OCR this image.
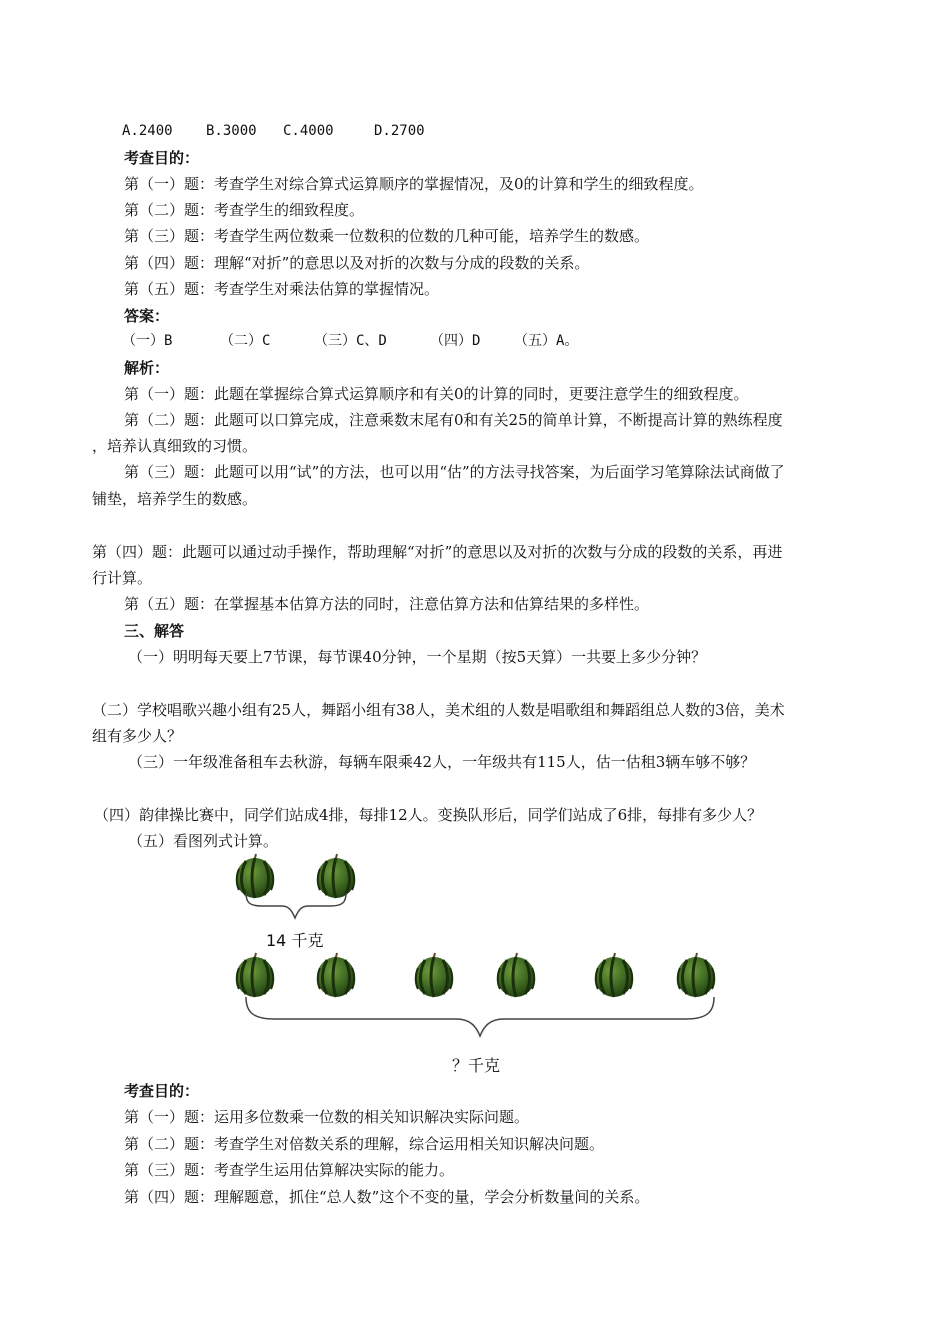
A.2400 B.3000 C.4000	D.2700
考查目的：
第（一）题：考查学生对综合算式运算顺序的掌握情况，及0的计算和学生的细致程度。
第（二）题：考查学生的细致程度。
第（三）题：考查学生两位数乘一位数积的位数的几种可能，培养学生的数感。
第（四）题：理解“对折”的意思以及对折的次数与分成的段数的关系。
第（五）题：考查学生对乘法估算的掌握情况。
答案：
（一）B	（二）C	（三）C、D	（四）D （五）A。
解析：
第（一）题：此题在掌握综合算式运算顺序和有关0的计算的同时，更要注意学生的细致程度。
第（二）题：此题可以口算完成，注意乘数末尾有0和有关25的简单计算，不断提高计算的熟练程度
，培养认真细致的习惯。
第（三）题：此题可以用“试”的方法，也可以用“估”的方法寻找答案，为后面学习笔算除法试商做了
铺垫，培养学生的数感。
第（四）题：此题可以通过动手操作，帮助理解“对折”的意思以及对折的次数与分成的段数的关系，再进
行计算。
第（五）题：在掌握基本估算方法的同时，注意估算方法和估算结果的多样性。
三、解答
（一）明明每天要上7节课，每节课40分钟，一个星期（按5天算）一共要上多少分钟？
（二）学校唱歌兴趣小组有25人，舞蹈小组有38人，美术组的人数是唱歌组和舞蹈组总人数的3倍，美术
组有多少人？
（三）一年级准备租车去秋游，每辆车限乘42人，一年级共有115人，估一估租3辆车够不够？
（四）韵律操比赛中，同学们站成4排，每排12人。变换队形后，同学们站成了6排，每排有多少人？
（五）看图列式计算。
14 千克
？千克
考查目的：
第（一）题：运用多位数乘一位数的相关知识解决实际问题。
第（二）题：考查学生对倍数关系的理解，综合运用相关知识解决问题。
第（三）题：考查学生运用估算解决实际的能力。
第（四）题：理解题意，抓住“总人数”这个不变的量，学会分析数量间的关系。
